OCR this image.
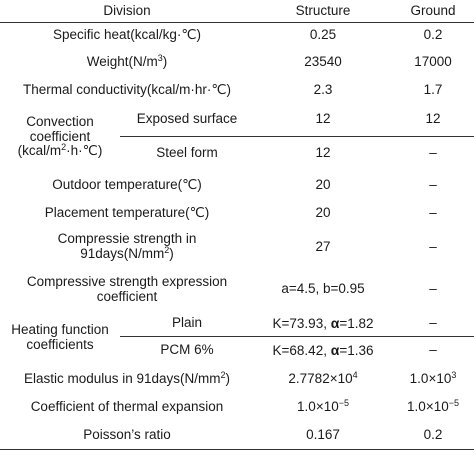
Division		Structure	Ground
Specific heat(kcal/kg·℃)		0.25	0.2
$Weight(N/m^3)$		23540	17000
Thermal conductivity(kcal/m·hr·℃)		2.3	1.7

Convection
coefficient
$(kcal/m^2\cdot h\cdot℃)$	Exposed surface	12	12
	Steel form	12	–
Outdoor temperature(℃)		20	–
Placement temperature(℃)		20	–

Compressie strength in
$91days(N/mm^2)$		27	–

Compressive strength expression
coefficient		a=4.5, b=0.95	–

Heating function
coefficients	Plain	K=73.93, α=1.82	–
	PCM 6%	K=68.42, α=1.36	–
Elastic modulus in $91days(N/mm^2)$		$2.7782\times 10^4$	$1.0\times 10^3$
Coefficient of thermal expansion		$1.0\times 10^{-5}$	$1.0\times 10^{-5}$
Poisson’s ratio		0.167	0.2
